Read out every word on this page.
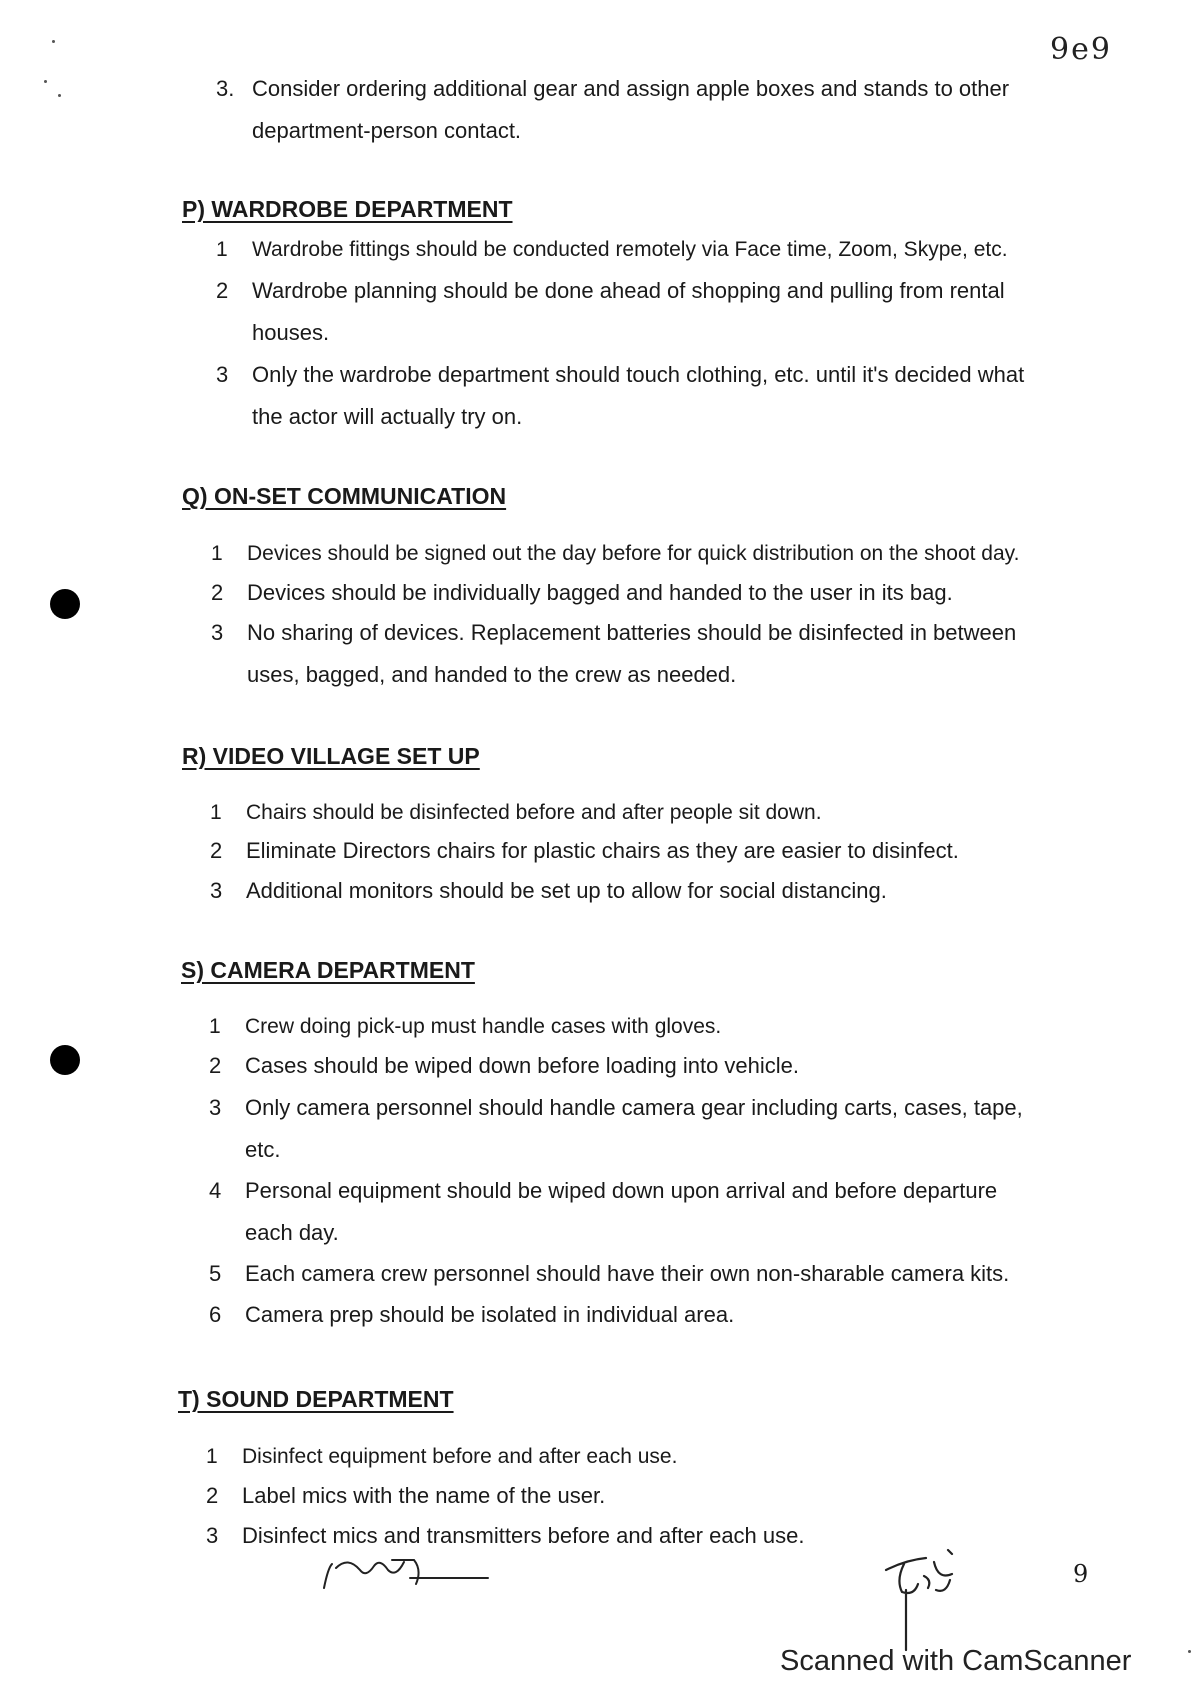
9e9
3. Consider ordering additional gear and assign apple boxes and stands to other department-person contact.
P) WARDROBE DEPARTMENT
1	Wardrobe fittings should be conducted remotely via Face time, Zoom, Skype, etc.
2	Wardrobe planning should be done ahead of shopping and pulling from rental houses.
3	Only the wardrobe department should touch clothing, etc. until it's decided what the actor will actually try on.
Q) ON-SET COMMUNICATION
1	Devices should be signed out the day before for quick distribution on the shoot day.
2	Devices should be individually bagged and handed to the user in its bag.
3	No sharing of devices. Replacement batteries should be disinfected in between uses, bagged, and handed to the crew as needed.
R) VIDEO VILLAGE SET UP
1	Chairs should be disinfected before and after people sit down.
2	Eliminate Directors chairs for plastic chairs as they are easier to disinfect.
3	Additional monitors should be set up to allow for social distancing.
S) CAMERA DEPARTMENT
1	Crew doing pick-up must handle cases with gloves.
2	Cases should be wiped down before loading into vehicle.
3	Only camera personnel should handle camera gear including carts, cases, tape, etc.
4	Personal equipment should be wiped down upon arrival and before departure each day.
5	Each camera crew personnel should have their own non-sharable camera kits.
6	Camera prep should be isolated in individual area.
T) SOUND DEPARTMENT
1	Disinfect equipment before and after each use.
2	Label mics with the name of the user.
3	Disinfect mics and transmitters before and after each use.
9
Scanned with CamScanner
